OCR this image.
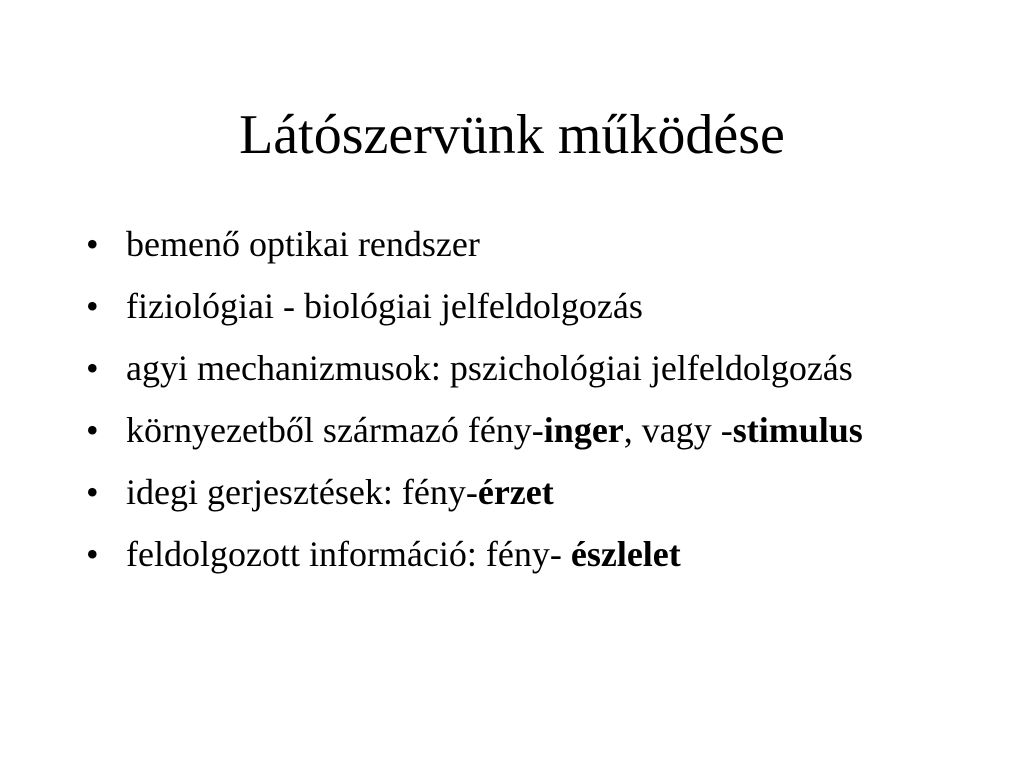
Látószervünk működése
• bemenő optikai rendszer
• fiziológiai - biológiai jelfeldolgozás
• agyi mechanizmusok: pszichológiai jelfeldolgozás
• környezetből származó fény-inger, vagy -stimulus
• idegi gerjesztések: fény-érzet
• feldolgozott információ: fény- észlelet
